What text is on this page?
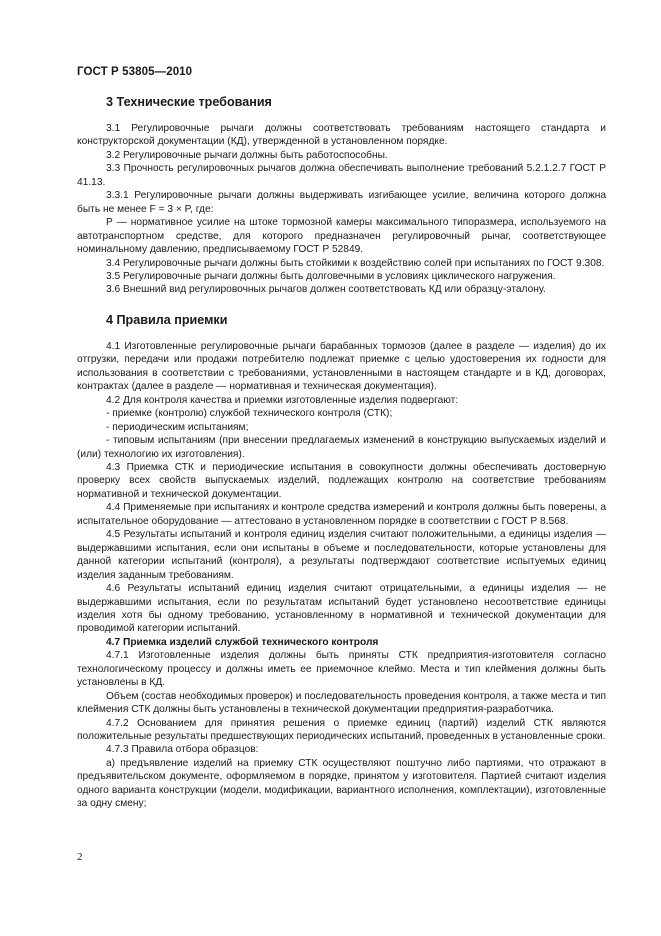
ГОСТ Р 53805—2010
3 Технические требования

3.1 Регулировочные рычаги должны соответствовать требованиям настоящего стандарта и конструкторской документации (КД), утвержденной в установленном порядке.

3.2 Регулировочные рычаги должны быть работоспособны.

3.3 Прочность регулировочных рычагов должна обеспечивать выполнение требований 5.2.1.2.7 ГОСТ Р 41.13.

3.3.1 Регулировочные рычаги должны выдерживать изгибающее усилие, величина которого должна быть не менее F = 3 × P, где:

P — нормативное усилие на штоке тормозной камеры максимального типоразмера, используемого на автотранспортном средстве, для которого предназначен регулировочный рычаг, соответствующее номинальному давлению, предписываемому ГОСТ Р 52849.

3.4 Регулировочные рычаги должны быть стойкими к воздействию солей при испытаниях по ГОСТ 9.308.

3.5 Регулировочные рычаги должны быть долговечными в условиях циклического нагружения.

3.6 Внешний вид регулировочных рычагов должен соответствовать КД или образцу-эталону.

4 Правила приемки

4.1 Изготовленные регулировочные рычаги барабанных тормозов (далее в разделе — изделия) до их отгрузки, передачи или продажи потребителю подлежат приемке с целью удостоверения их годности для использования в соответствии с требованиями, установленными в настоящем стандарте и в КД, договорах, контрактах (далее в разделе — нормативная и техническая документация).

4.2 Для контроля качества и приемки изготовленные изделия подвергают:

- приемке (контролю) службой технического контроля (СТК);

- периодическим испытаниям;

- типовым испытаниям (при внесении предлагаемых изменений в конструкцию выпускаемых изделий и (или) технологию их изготовления).

4.3 Приемка СТК и периодические испытания в совокупности должны обеспечивать достоверную проверку всех свойств выпускаемых изделий, подлежащих контролю на соответствие требованиям нормативной и технической документации.

4.4 Применяемые при испытаниях и контроле средства измерений и контроля должны быть поверены, а испытательное оборудование — аттестовано в установленном порядке в соответствии с ГОСТ Р 8.568.

4.5 Результаты испытаний и контроля единиц изделия считают положительными, а единицы изделия — выдержавшими испытания, если они испытаны в объеме и последовательности, которые установлены для данной категории испытаний (контроля), а результаты подтверждают соответствие испытуемых единиц изделия заданным требованиям.

4.6 Результаты испытаний единиц изделия считают отрицательными, а единицы изделия — не выдержавшими испытания, если по результатам испытаний будет установлено несоответствие единицы изделия хотя бы одному требованию, установленному в нормативной и технической документации для проводимой категории испытаний.

4.7 Приемка изделий службой технического контроля

4.7.1 Изготовленные изделия должны быть приняты СТК предприятия-изготовителя согласно технологическому процессу и должны иметь ее приемочное клеймо. Места и тип клеймения должны быть установлены в КД.

Объем (состав необходимых проверок) и последовательность проведения контроля, а также места и тип клеймения СТК должны быть установлены в технической документации предприятия-разработчика.

4.7.2 Основанием для принятия решения о приемке единиц (партий) изделий СТК являются положительные результаты предшествующих периодических испытаний, проведенных в установленные сроки.

4.7.3 Правила отбора образцов:

а) предъявление изделий на приемку СТК осуществляют поштучно либо партиями, что отражают в предъявительском документе, оформляемом в порядке, принятом у изготовителя. Партией считают изделия одного варианта конструкции (модели, модификации, вариантного исполнения, комплектации), изготовленные за одну смену;

2
